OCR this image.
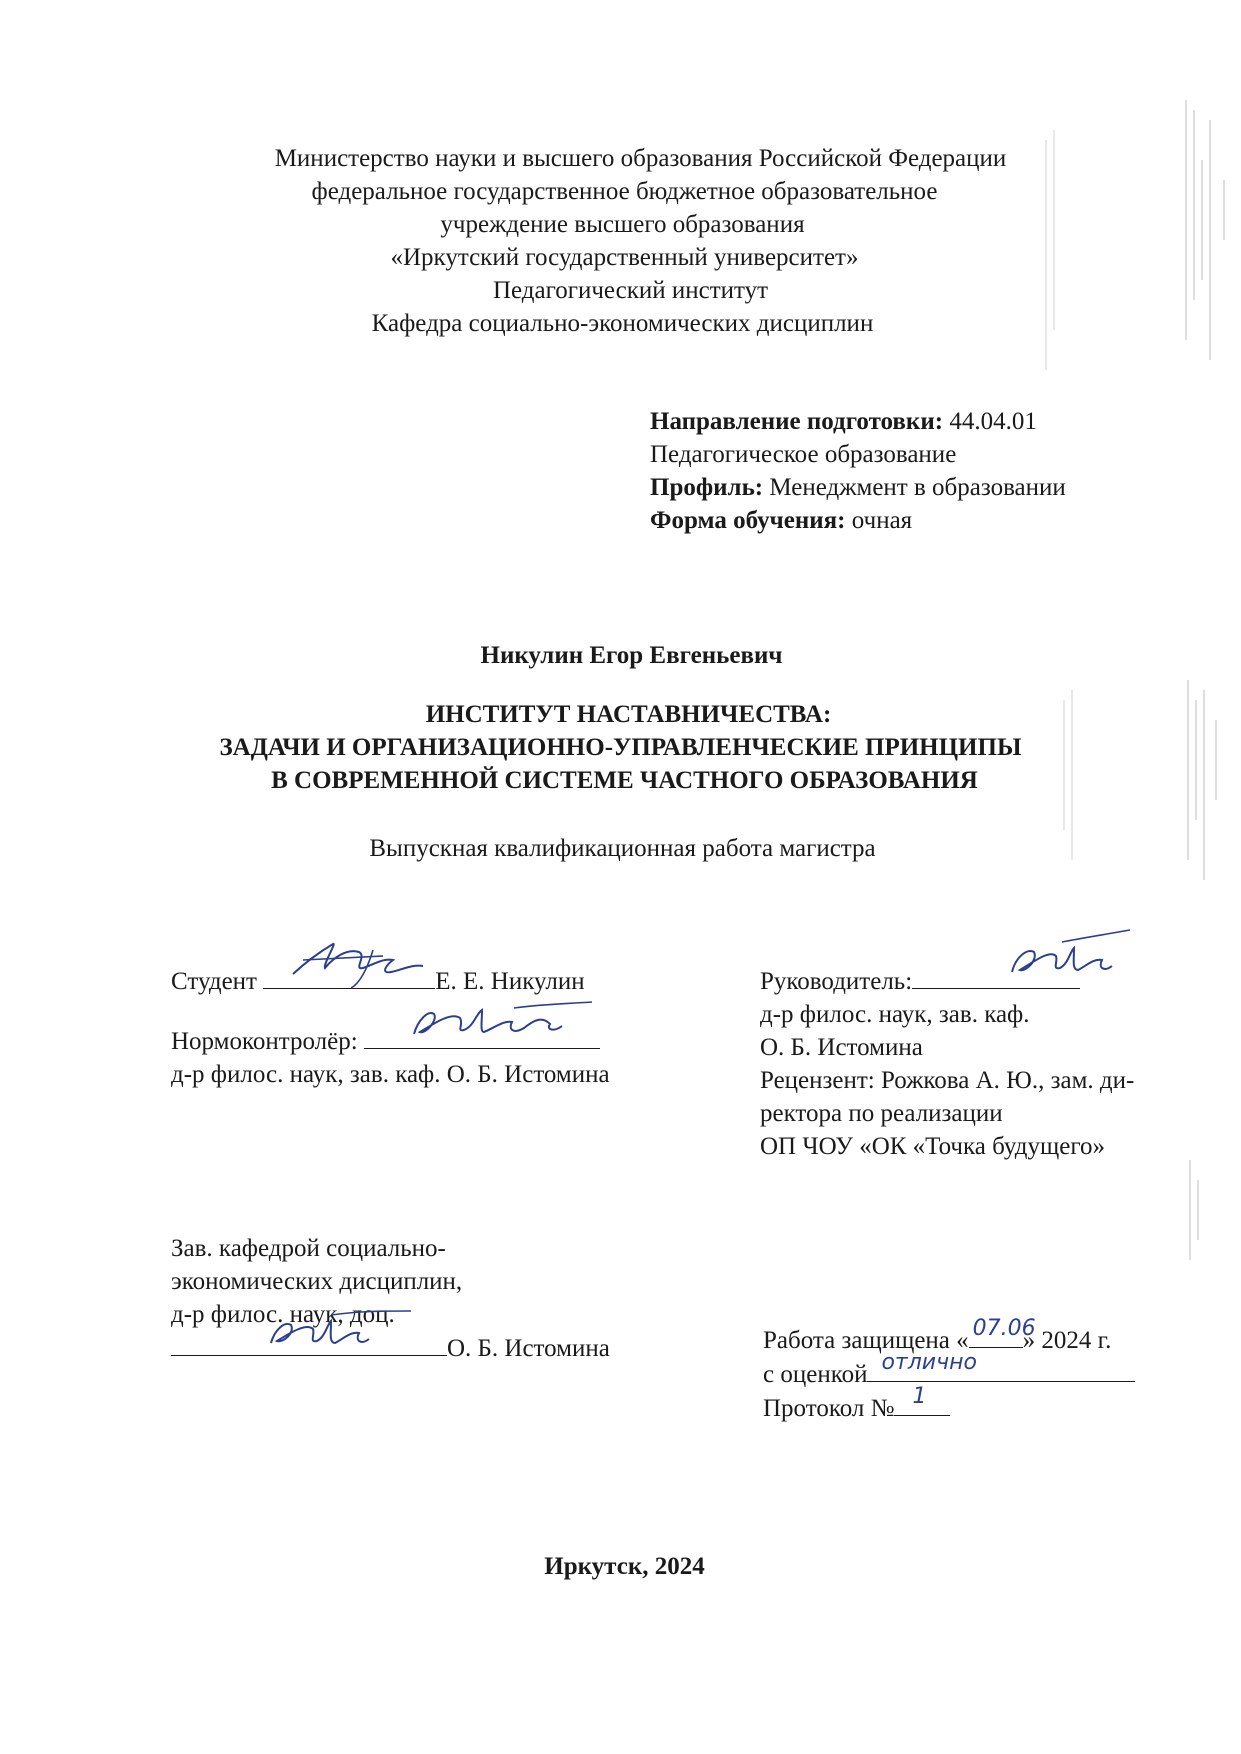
Министерство науки и высшего образования Российской Федерации
федеральное государственное бюджетное образовательное
учреждение высшего образования
«Иркутский государственный университет»
Педагогический институт
Кафедра социально-экономических дисциплин
Направление подготовки: 44.04.01
Педагогическое образование
Профиль: Менеджмент в образовании
Форма обучения: очная
Никулин Егор Евгеньевич
ИНСТИТУТ НАСТАВНИЧЕСТВА:
ЗАДАЧИ И ОРГАНИЗАЦИОННО-УПРАВЛЕНЧЕСКИЕ ПРИНЦИПЫ
В СОВРЕМЕННОЙ СИСТЕМЕ ЧАСТНОГО ОБРАЗОВАНИЯ
Выпускная квалификационная работа магистра
Студент	Е. Е. Никулин
Нормоконтролёр:
д-р филос. наук, зав. каф. О. Б. Истомина
Руководитель:
д-р филос. наук, зав. каф.
О. Б. Истомина
Рецензент: Рожкова А. Ю., зам. ди-
ректора по реализации
ОП ЧОУ «ОК «Точка будущего»
Зав. кафедрой социально-
экономических дисциплин,
д-р филос. наук, доц.
О. Б. Истомина	Работа защищена « 07.06
» 2024 г.
с оценкой отлично
Протокол № 1
Иркутск, 2024
